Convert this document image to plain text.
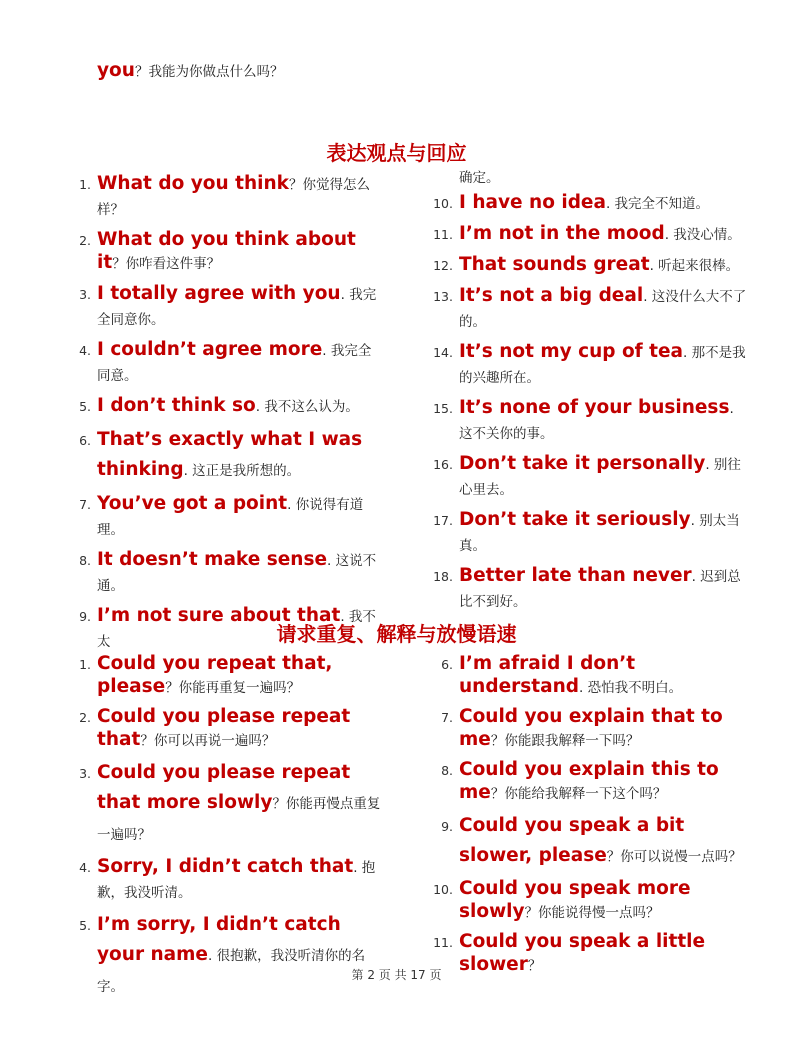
you？我能为你做点什么吗？
表达观点与回应
1. What do you think？你觉得怎么样？
2. What do you think about it？你咋看这件事？
3. I totally agree with you. 我完全同意你。
4. I couldn’t agree more. 我完全同意。
5. I don’t think so. 我不这么认为。
6. That’s exactly what I was thinking. 这正是我所想的。
7. You’ve got a point. 你说得有道理。
8. It doesn’t make sense. 这说不通。
9. I’m not sure about that. 我不太
确定。
10. I have no idea. 我完全不知道。
11. I’m not in the mood. 我没心情。
12. That sounds great. 听起来很棒。
13. It’s not a big deal. 这没什么大不了的。
14. It’s not my cup of tea. 那不是我的兴趣所在。
15. It’s none of your business. 这不关你的事。
16. Don’t take it personally. 别往心里去。
17. Don’t take it seriously. 别太当真。
18. Better late than never. 迟到总比不到好。
请求重复、解释与放慢语速
1. Could you repeat that, please？你能再重复一遍吗？
2. Could you please repeat that？你可以再说一遍吗？
3. Could you please repeat that more slowly？你能再慢点重复一遍吗？
4. Sorry, I didn’t catch that. 抱歉，我没听清。
5. I’m sorry, I didn’t catch your name. 很抱歉，我没听清你的名字。
6. I’m afraid I don’t understand. 恐怕我不明白。
7. Could you explain that to me？你能跟我解释一下吗？
8. Could you explain this to me？你能给我解释一下这个吗？
9. Could you speak a bit slower, please？你可以说慢一点吗？
10. Could you speak more slowly？你能说得慢一点吗？
11. Could you speak a little slower？
第 2 页 共 17 页
